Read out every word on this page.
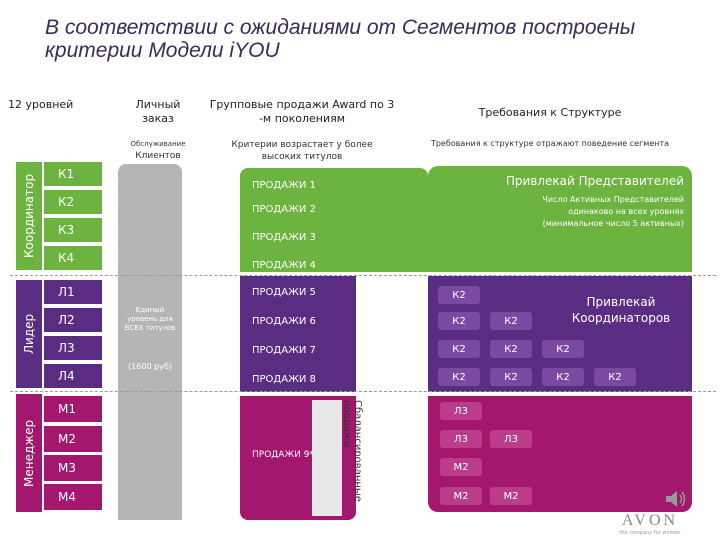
В соответствии с ожиданиями от Сегментов построены критерии Модели iYOU
12 уровней	Личный заказ
Групповые продажи Award по 3 -м поколениям	Требования к Структуре
Обслуживание
Клиентов
Критерии возрастает у более высоких титулов
Требования к структуре отражают поведение сегмента
Координатор
Лидер
Менеджер
К1
К2
К3
К4
Л1
Л2
Л3
Л4
М1
М2
М3
М4
Единый уровень для ВСЕХ титулов
(1600 руб)
ПРОДАЖИ 1
ПРОДАЖИ 2
ПРОДАЖИ 3
ПРОДАЖИ 4
ПРОДАЖИ 5
ПРОДАЖИ 6
ПРОДАЖИ 7
ПРОДАЖИ 8
ПРОДАЖИ 9*	Сбалансированные продажи
Привлекай Представителей
Число Активных Представителей одинаково на всех уровнях (минимальное число 5 активных)
Привлекай Координаторов
К2
К2	К2
К2	К2	К2
К2	К2	К2	К2
Л3
Л3	Л3
М2
М2	М2
AVON
the company for women
